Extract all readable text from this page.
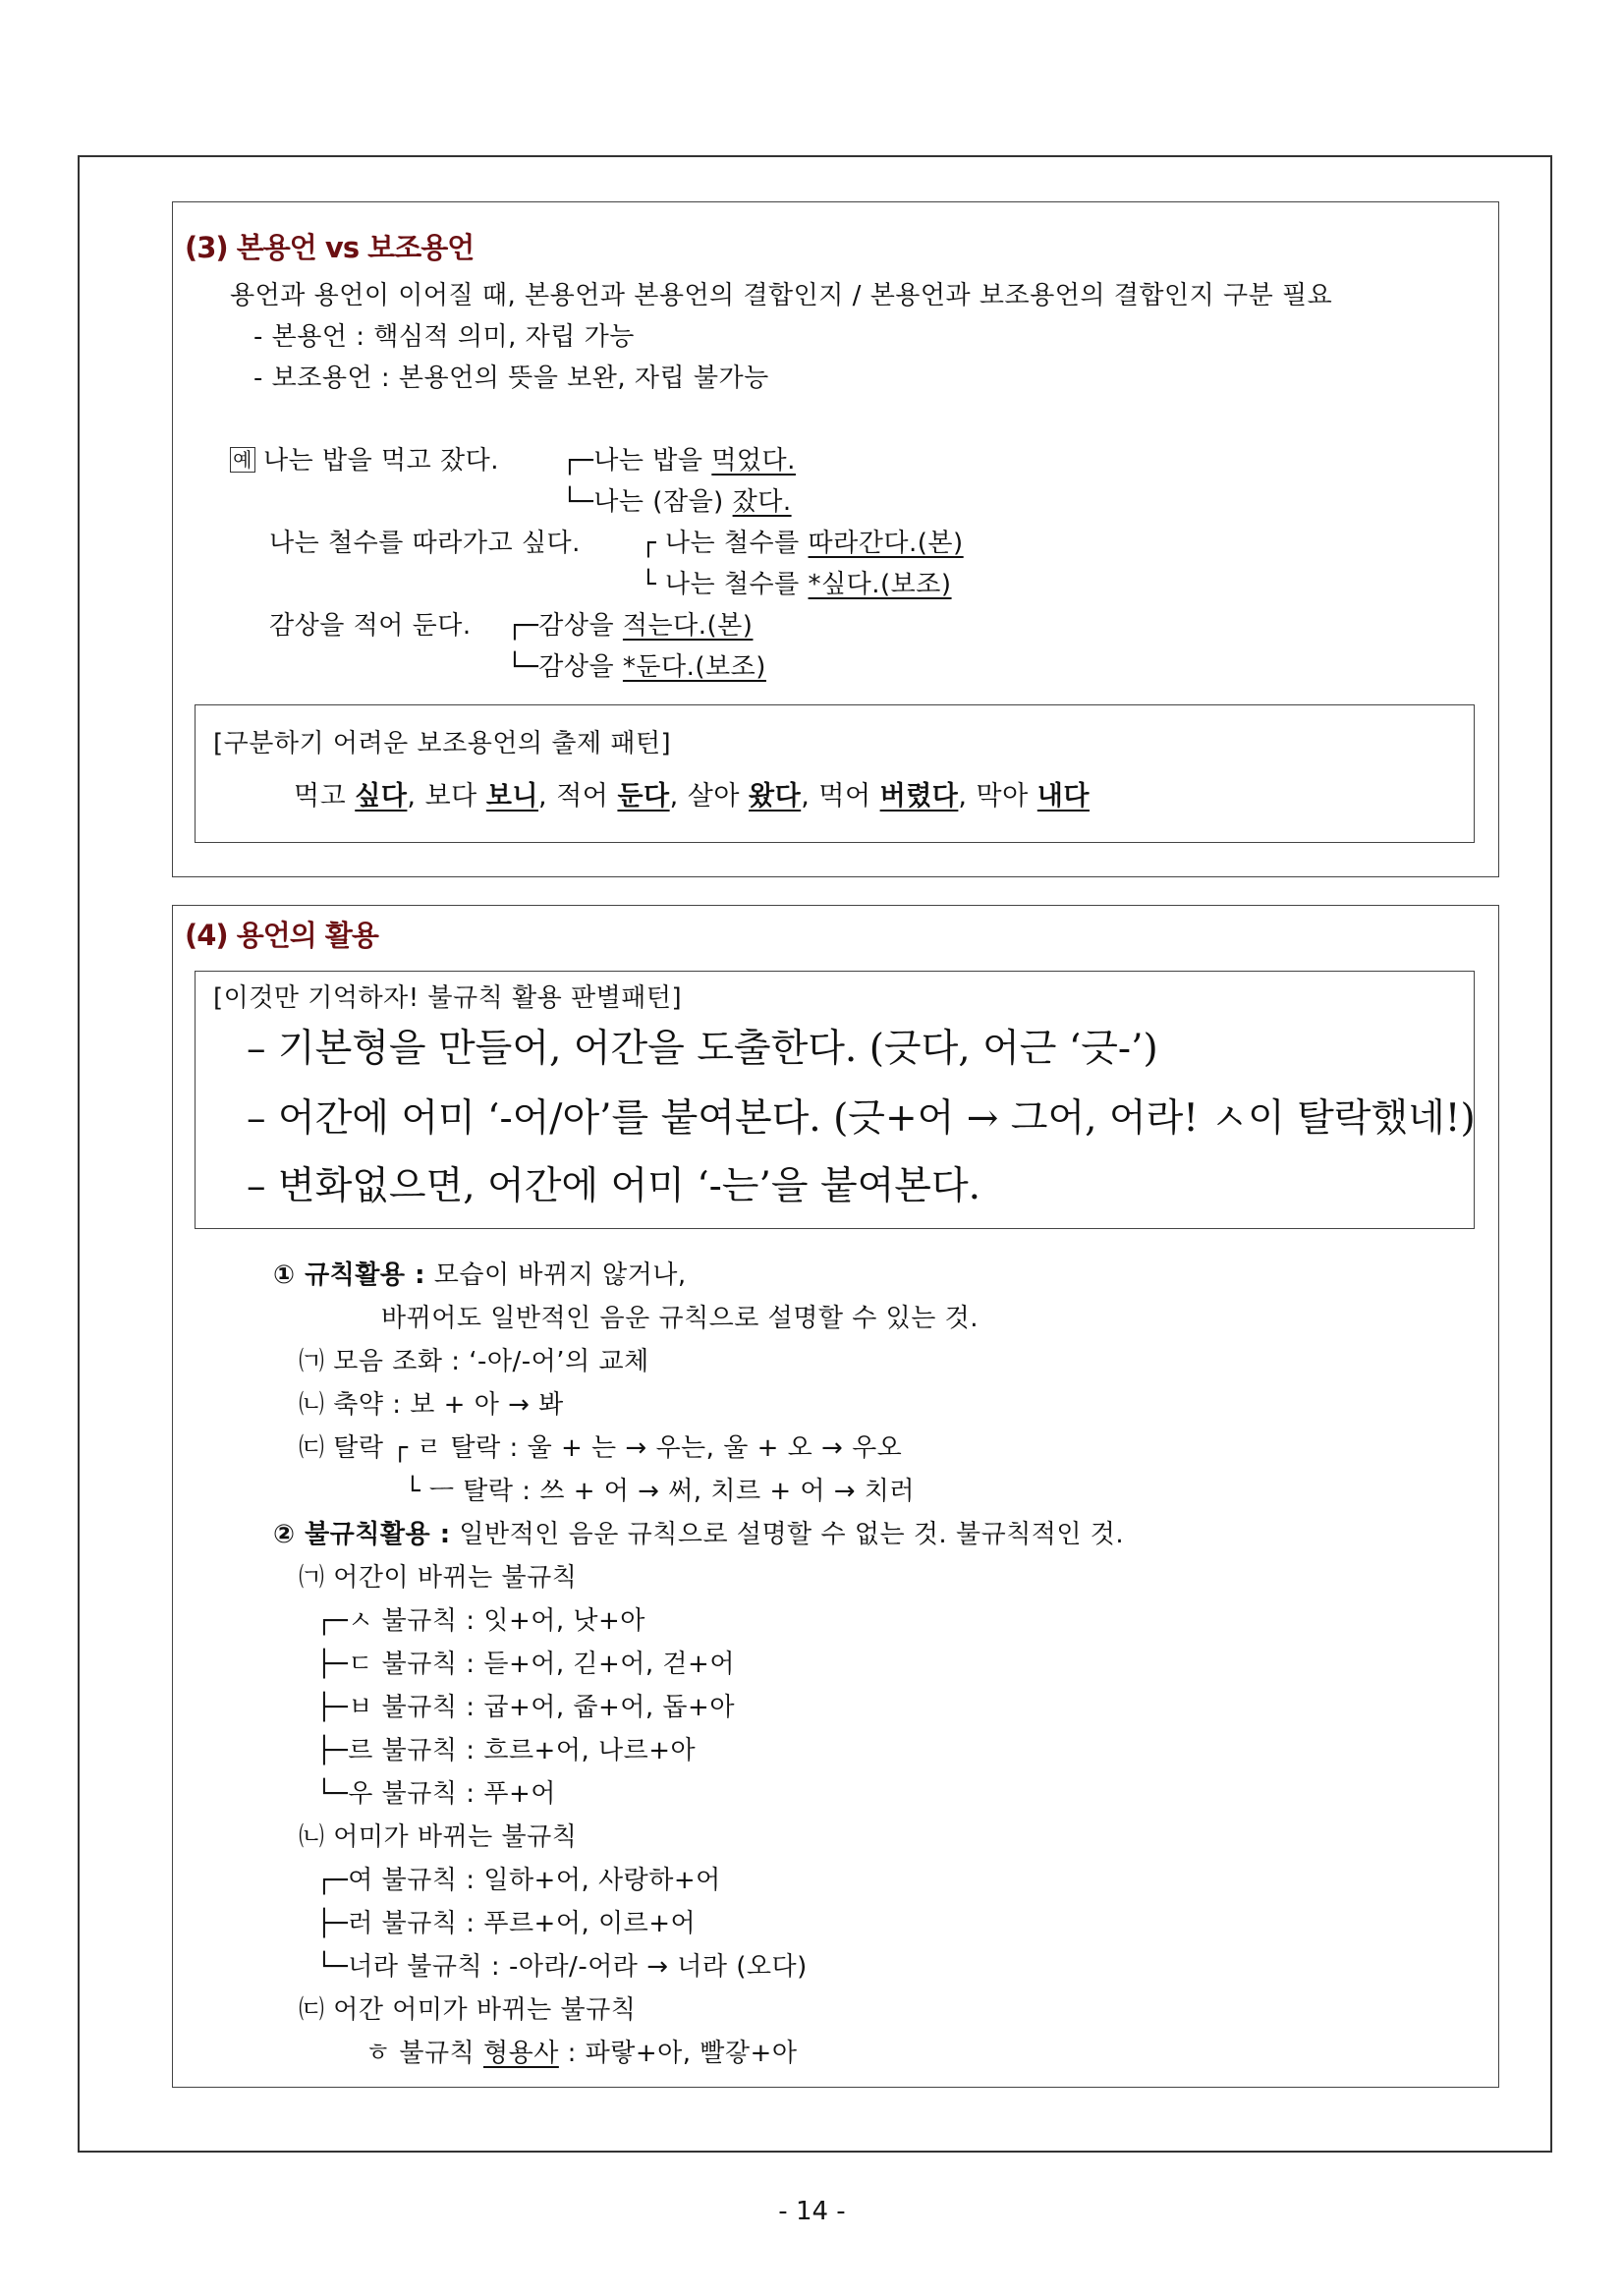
(3) 본용언 vs 보조용언
용언과 용언이 이어질 때, 본용언과 본용언의 결합인지 / 본용언과 보조용언의 결합인지 구분 필요
- 본용언 : 핵심적 의미, 자립 가능
- 보조용언 : 본용언의 뜻을 보완, 자립 불가능
예 나는 밥을 먹고 잤다. ┌─나는 밥을 먹었다.
└─나는 (잠을) 잤다.
나는 철수를 따라가고 싶다. ┌ 나는 철수를 따라간다.(본)
└ 나는 철수를 *싶다.(보조)
감상을 적어 둔다. ┌─감상을 적는다.(본)
└─감상을 *둔다.(보조)
[구분하기 어려운 보조용언의 출제 패턴]
먹고 싶다, 보다 보니, 적어 둔다, 살아 왔다, 먹어 버렸다, 막아 내다
(4) 용언의 활용
[이것만 기억하자! 불규칙 활용 판별패턴]
– 기본형을 만들어, 어간을 도출한다. (긋다, 어근 ‘긋-’)
– 어간에 어미 ‘-어/아’를 붙여본다. (긋+어 → 그어, 어라! ㅅ이 탈락했네!)
– 변화없으면, 어간에 어미 ‘-는’을 붙여본다.
① 규칙활용 : 모습이 바뀌지 않거나,
바뀌어도 일반적인 음운 규칙으로 설명할 수 있는 것.
㈀ 모음 조화 : ‘-아/-어’의 교체
㈁ 축약 : 보 + 아 → 봐
㈂ 탈락 ┌ ㄹ 탈락 : 울 + 는 → 우는, 울 + 오 → 우오
└ ㅡ 탈락 : 쓰 + 어 → 써, 치르 + 어 → 치러
② 불규칙활용 : 일반적인 음운 규칙으로 설명할 수 없는 것. 불규칙적인 것.
㈀ 어간이 바뀌는 불규칙
┌─ㅅ 불규칙 : 잇+어, 낫+아
├─ㄷ 불규칙 : 듣+어, 긷+어, 걷+어
├─ㅂ 불규칙 : 굽+어, 줍+어, 돕+아
├─르 불규칙 : 흐르+어, 나르+아
└─우 불규칙 : 푸+어
㈁ 어미가 바뀌는 불규칙
┌─여 불규칙 : 일하+어, 사랑하+어
├─러 불규칙 : 푸르+어, 이르+어
└─너라 불규칙 : -아라/-어라 → 너라 (오다)
㈂ 어간 어미가 바뀌는 불규칙
ㅎ 불규칙 형용사 : 파랗+아, 빨갛+아
- 14 -
